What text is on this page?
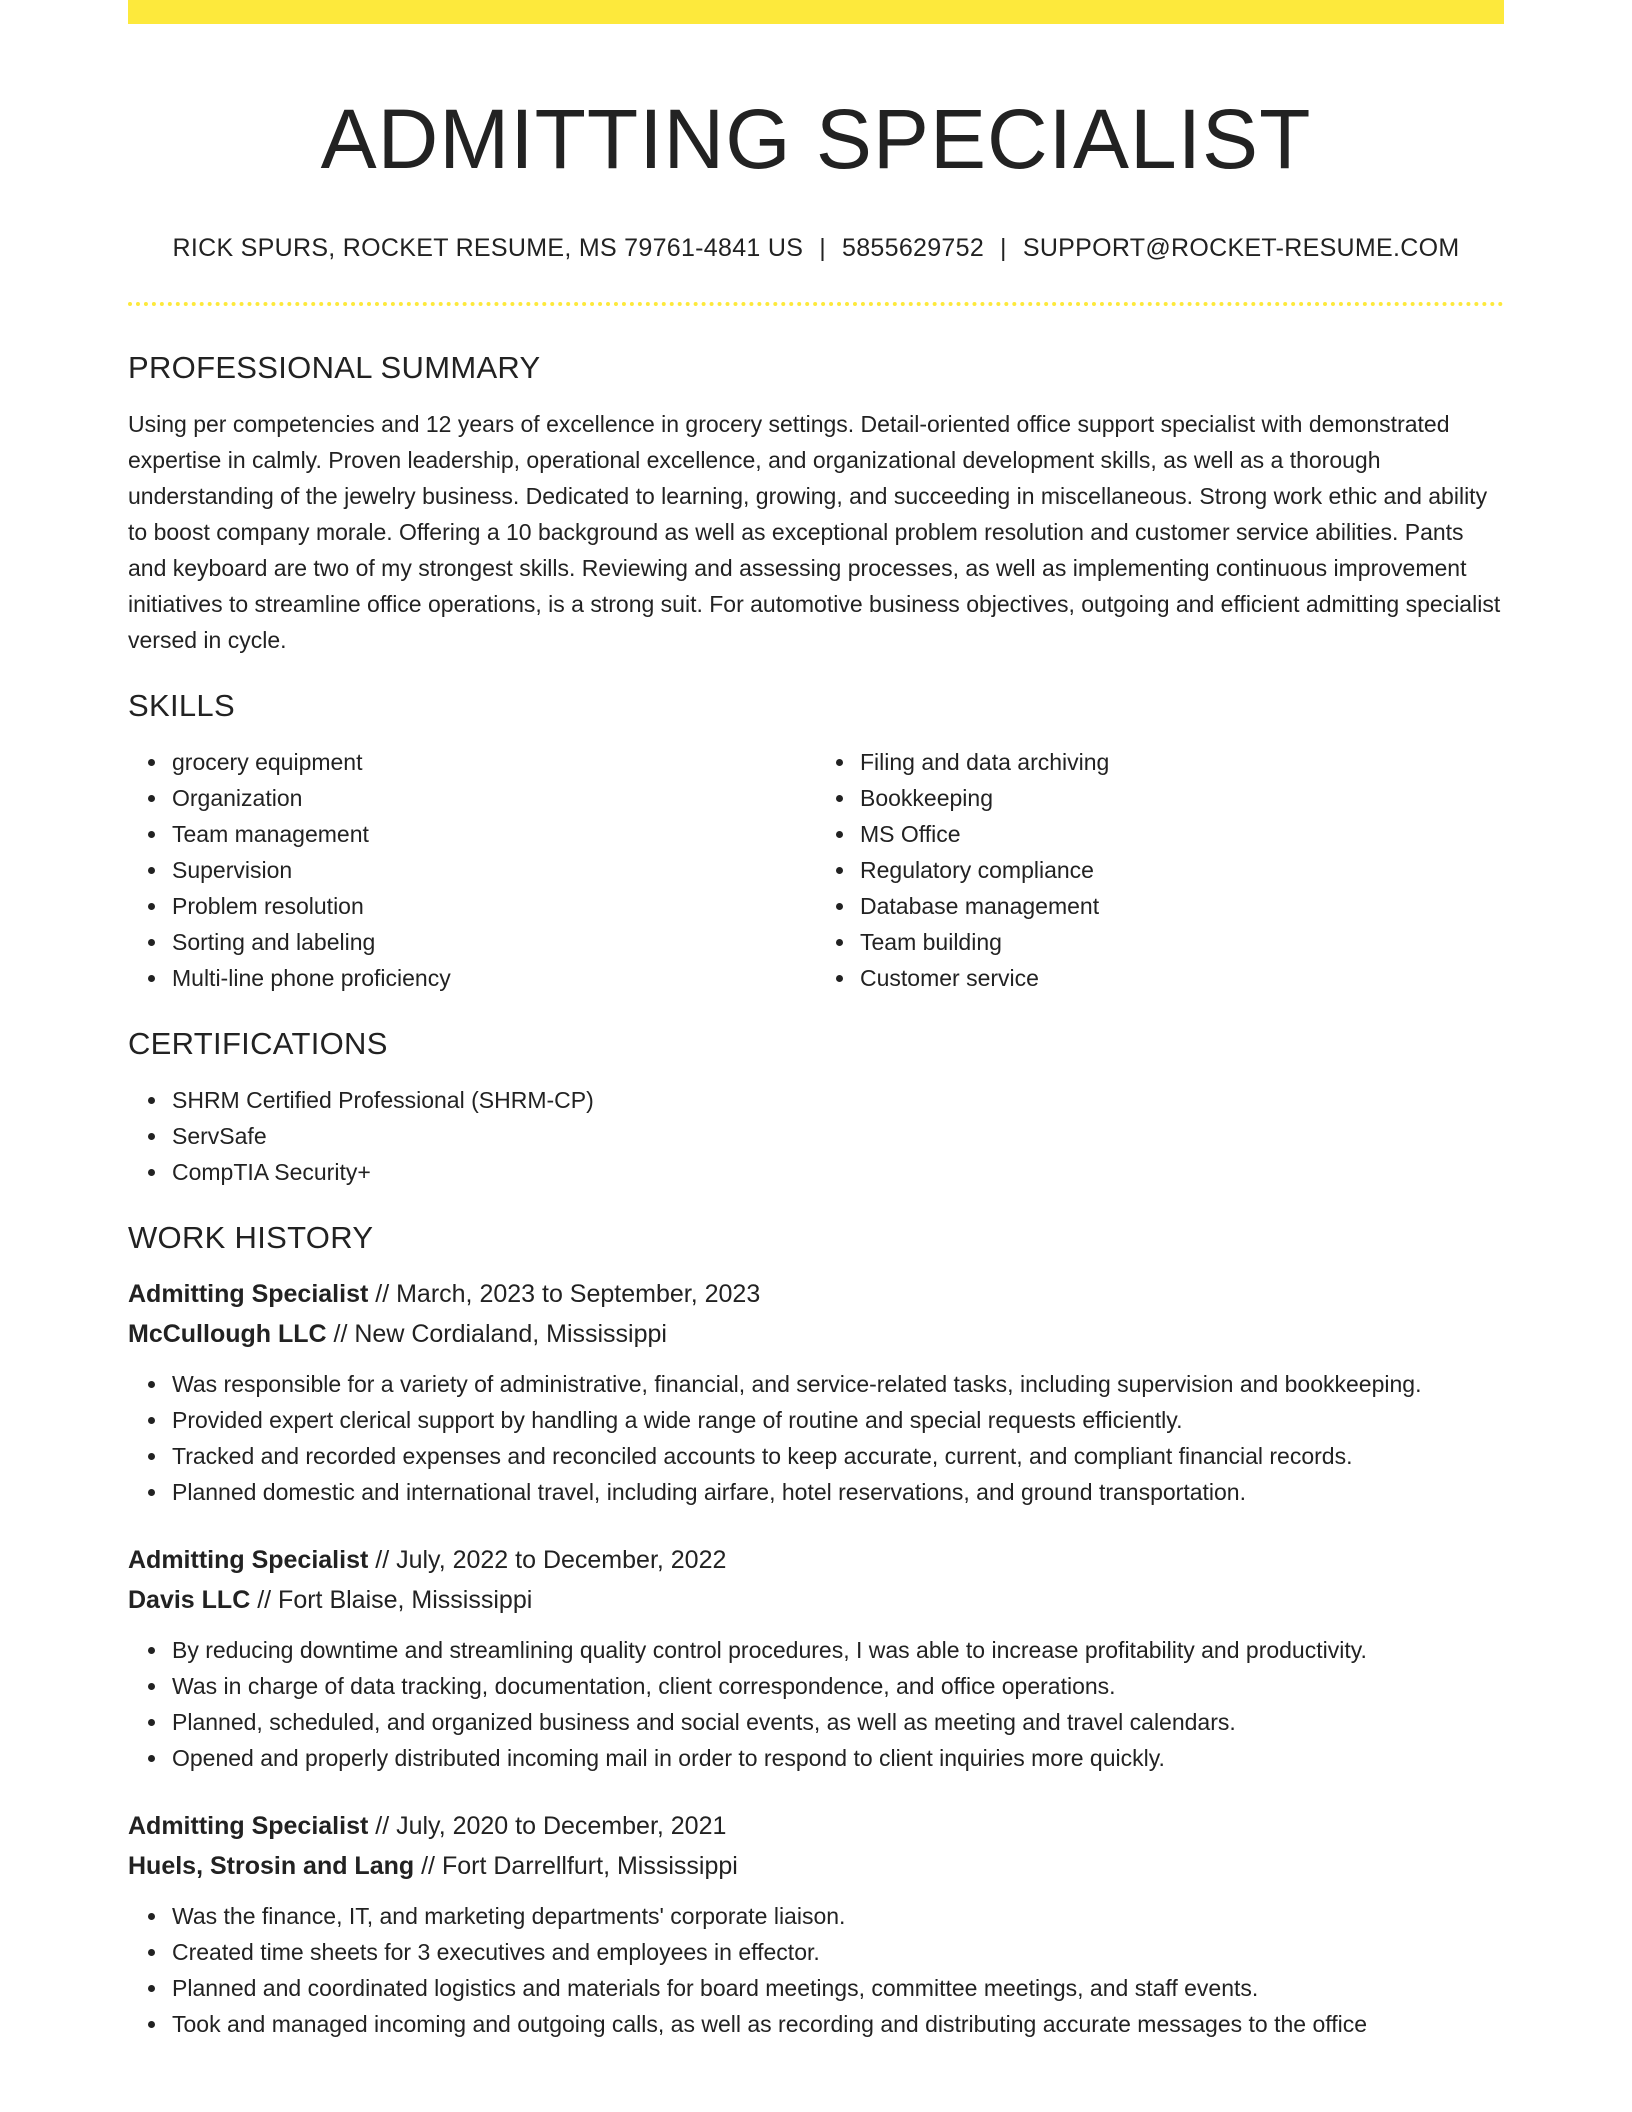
ADMITTING SPECIALIST
RICK SPURS, ROCKET RESUME, MS 79761-4841 US | 5855629752 | SUPPORT@ROCKET-RESUME.COM
PROFESSIONAL SUMMARY

Using per competencies and 12 years of excellence in grocery settings. Detail-oriented office support specialist with demonstrated expertise in calmly. Proven leadership, operational excellence, and organizational development skills, as well as a thorough understanding of the jewelry business. Dedicated to learning, growing, and succeeding in miscellaneous. Strong work ethic and ability to boost company morale. Offering a 10 background as well as exceptional problem resolution and customer service abilities. Pants and keyboard are two of my strongest skills. Reviewing and assessing processes, as well as implementing continuous improvement initiatives to streamline office operations, is a strong suit. For automotive business objectives, outgoing and efficient admitting specialist versed in cycle.

SKILLS
grocery equipment
Organization
Team management
Supervision
Problem resolution
Sorting and labeling
Multi-line phone proficiency
Filing and data archiving
Bookkeeping
MS Office
Regulatory compliance
Database management
Team building
Customer service
CERTIFICATIONS
SHRM Certified Professional (SHRM-CP)
ServSafe
CompTIA Security+
WORK HISTORY
Admitting Specialist // March, 2023 to September, 2023
McCullough LLC // New Cordialand, Mississippi
Was responsible for a variety of administrative, financial, and service-related tasks, including supervision and bookkeeping.
Provided expert clerical support by handling a wide range of routine and special requests efficiently.
Tracked and recorded expenses and reconciled accounts to keep accurate, current, and compliant financial records.
Planned domestic and international travel, including airfare, hotel reservations, and ground transportation.
Admitting Specialist // July, 2022 to December, 2022
Davis LLC // Fort Blaise, Mississippi
By reducing downtime and streamlining quality control procedures, I was able to increase profitability and productivity.
Was in charge of data tracking, documentation, client correspondence, and office operations.
Planned, scheduled, and organized business and social events, as well as meeting and travel calendars.
Opened and properly distributed incoming mail in order to respond to client inquiries more quickly.
Admitting Specialist // July, 2020 to December, 2021
Huels, Strosin and Lang // Fort Darrellfurt, Mississippi
Was the finance, IT, and marketing departments' corporate liaison.
Created time sheets for 3 executives and employees in effector.
Planned and coordinated logistics and materials for board meetings, committee meetings, and staff events.
Took and managed incoming and outgoing calls, as well as recording and distributing accurate messages to the office
